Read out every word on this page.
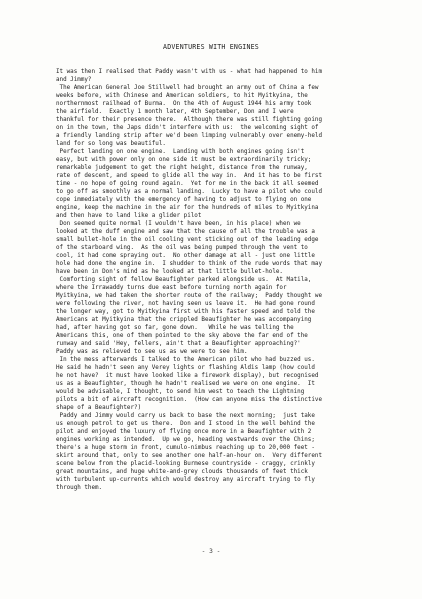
ADVENTURES WITH ENGINES
It was then I realised that Paddy wasn't with us - what had happened to him
and Jimmy?
The American General Joe Stillwell had brought an army out of China a few
weeks before, with Chinese and American soldiers, to hit Myitkyina, the
northernmost railhead of Burma.  On the 4th of August 1944 his army took
the airfield.  Exactly 1 month later, 4th September, Don and I were
thankful for their presence there.  Although there was still fighting going
on in the town, the Japs didn't interfere with us:  the welcoming sight of
a friendly landing strip after we'd been limping vulnerably over enemy-held
land for so long was beautiful.
Perfect landing on one engine.  Landing with both engines going isn't
easy, but with power only on one side it must be extraordinarily tricky;
remarkable judgement to get the right height, distance from the runway,
rate of descent, and speed to glide all the way in.  And it has to be first
time - no hope of going round again.  Yet for me in the back it all seemed
to go off as smoothly as a normal landing.  Lucky to have a pilot who could
cope immediately with the emergency of having to adjust to flying on one
engine, keep the machine in the air for the hundreds of miles to Myitkyina
and then have to land like a glider pilot
Don seemed quite normal (I wouldn't have been, in his place) when we
looked at the duff engine and saw that the cause of all the trouble was a
small bullet-hole in the oil cooling vent sticking out of the leading edge
of the starboard wing.  As the oil was being pumped through the vent to
cool, it had come spraying out.  No other damage at all - just one little
hole had done the engine in.  I shudder to think of the rude words that may
have been in Don's mind as he looked at that little bullet-hole.
Comforting sight of fellow Beaufighter parked alongside us.  At Matila,
where the Irrawaddy turns due east before turning north again for
Myitkyina, we had taken the shorter route of the railway;  Paddy thought we
were following the river, not having seen us leave it.  He had gone round
the longer way, got to Myitkyina first with his faster speed and told the
Americans at Myitkyina that the crippled Beaufighter he was accompanying
had, after having got so far, gone down.   While he was telling the
Americans this, one of them pointed to the sky above the far end of the
runway and said 'Hey, fellers, ain't that a Beaufighter approaching?'
Paddy was as relieved to see us as we were to see him.
In the mess afterwards I talked to the American pilot who had buzzed us.
He said he hadn't seen any Verey lights or flashing Aldis lamp (how could
he not have?  it must have looked like a firework display), but recognised
us as a Beaufighter, though he hadn't realised we were on one engine.  It
would be advisable, I thought, to send him west to teach the Lightning
pilots a bit of aircraft recognition.  (How can anyone miss the distinctive
shape of a Beaufighter?)
Paddy and Jimmy would carry us back to base the next morning;  just take
us enough petrol to get us there.  Don and I stood in the well behind the
pilot and enjoyed the luxury of flying once more in a Beaufighter with 2
engines working as intended.  Up we go, heading westwards over the Chins;
there's a huge storm in front, cumulo-nimbus reaching up to 20,000 feet -
skirt around that, only to see another one half-an-hour on.  Very different
scene below from the placid-looking Burmese countryside - craggy, crinkly
great mountains, and huge white-and-grey clouds thousands of feet thick
with turbulent up-currents which would destroy any aircraft trying to fly
through them.
- 3 -
